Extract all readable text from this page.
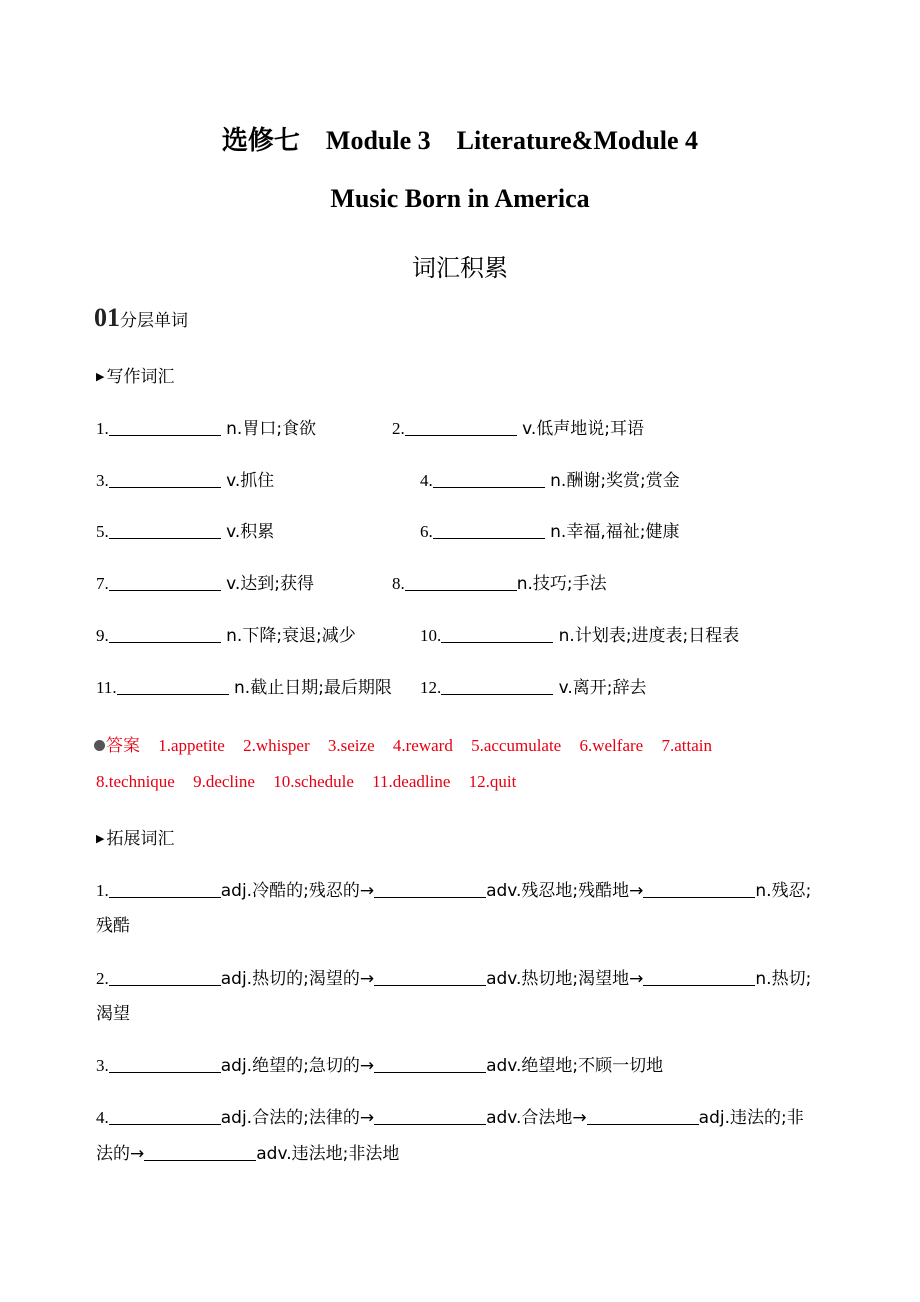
选修七　Module 3　Literature&Module 4
Music Born in America
词汇积累
01分层单词
▶ 写作词汇
1.	n.胃口;食欲	2.	v.低声地说;耳语
3.	v.抓住	4.	n.酬谢;奖赏;赏金
5.	v.积累	6.	n.幸福,福祉;健康
7.	v.达到;获得	8.	n.技巧;手法
9.	n.下降;衰退;减少	10.	n.计划表;进度表;日程表
11.	n.截止日期;最后期限 12.	v.离开;辞去
答案 1.appetite 2.whisper 3.seize 4.reward 5.accumulate 6.welfare 7.attain
8.technique 9.decline 10.schedule 11.deadline 12.quit
▶ 拓展词汇
1.	adj.冷酷的;残忍的→	adv.残忍地;残酷地→	n.残忍;
残酷
2.	adj.热切的;渴望的→	adv.热切地;渴望地→	n.热切;
渴望
3.	adj.绝望的;急切的→	adv.绝望地;不顾一切地
4.	adj.合法的;法律的→	adv.合法地→	adj.违法的;非
法的→	adv.违法地;非法地
